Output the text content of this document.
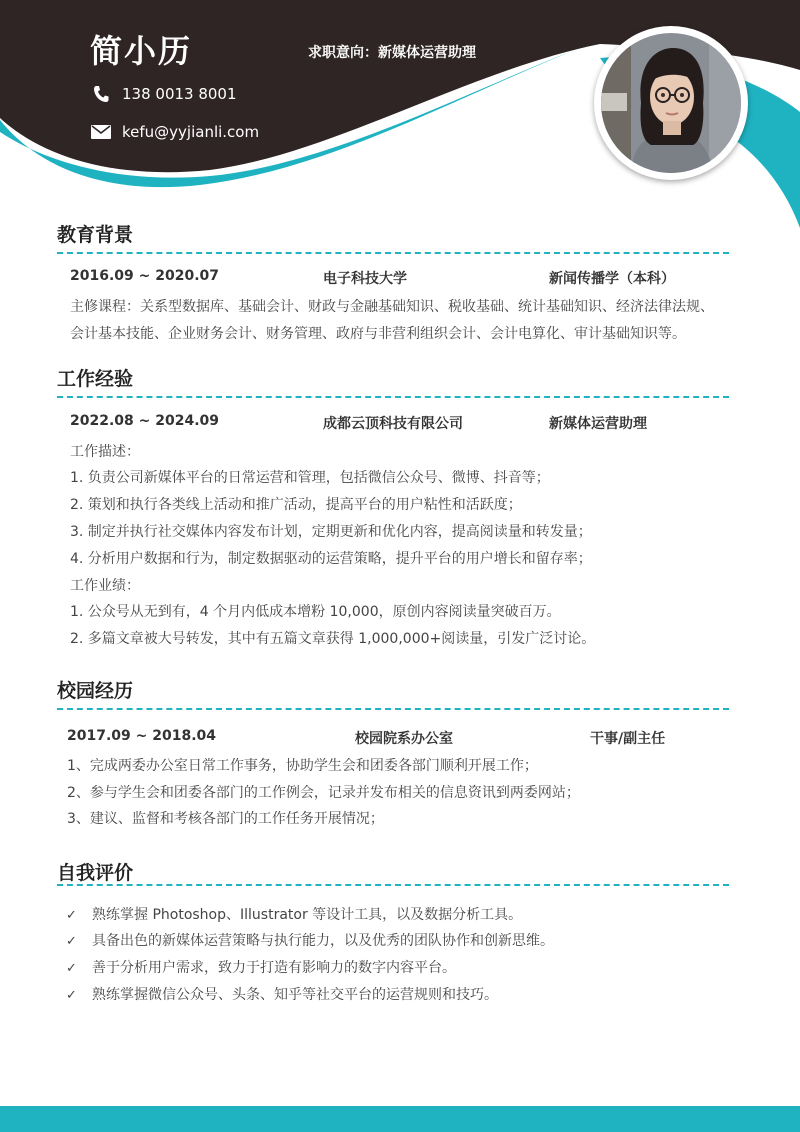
简小历	求职意向：新媒体运营助理
138 0013 8001
kefu@yyjianli.com
教育背景
2016.09 ~ 2020.07	电子科技大学	新闻传播学（本科）
主修课程：关系型数据库、基础会计、财政与金融基础知识、税收基础、统计基础知识、经济法律法规、
会计基本技能、企业财务会计、财务管理、政府与非营利组织会计、会计电算化、审计基础知识等。
工作经验
2022.08 ~ 2024.09	成都云顶科技有限公司	新媒体运营助理
工作描述：
1. 负责公司新媒体平台的日常运营和管理，包括微信公众号、微博、抖音等；
2. 策划和执行各类线上活动和推广活动，提高平台的用户粘性和活跃度；
3. 制定并执行社交媒体内容发布计划，定期更新和优化内容，提高阅读量和转发量；
4. 分析用户数据和行为，制定数据驱动的运营策略，提升平台的用户增长和留存率；
工作业绩：
1. 公众号从无到有，4 个月内低成本增粉 10,000，原创内容阅读量突破百万。
2. 多篇文章被大号转发，其中有五篇文章获得 1,000,000+阅读量，引发广泛讨论。
校园经历
2017.09 ~ 2018.04	校园院系办公室	干事/副主任
1、完成两委办公室日常工作事务，协助学生会和团委各部门顺利开展工作；
2、参与学生会和团委各部门的工作例会，记录并发布相关的信息资讯到两委网站；
3、建议、监督和考核各部门的工作任务开展情况；
自我评价
✓ 熟练掌握 Photoshop、Illustrator 等设计工具，以及数据分析工具。
✓ 具备出色的新媒体运营策略与执行能力，以及优秀的团队协作和创新思维。
✓ 善于分析用户需求，致力于打造有影响力的数字内容平台。
✓ 熟练掌握微信公众号、头条、知乎等社交平台的运营规则和技巧。
